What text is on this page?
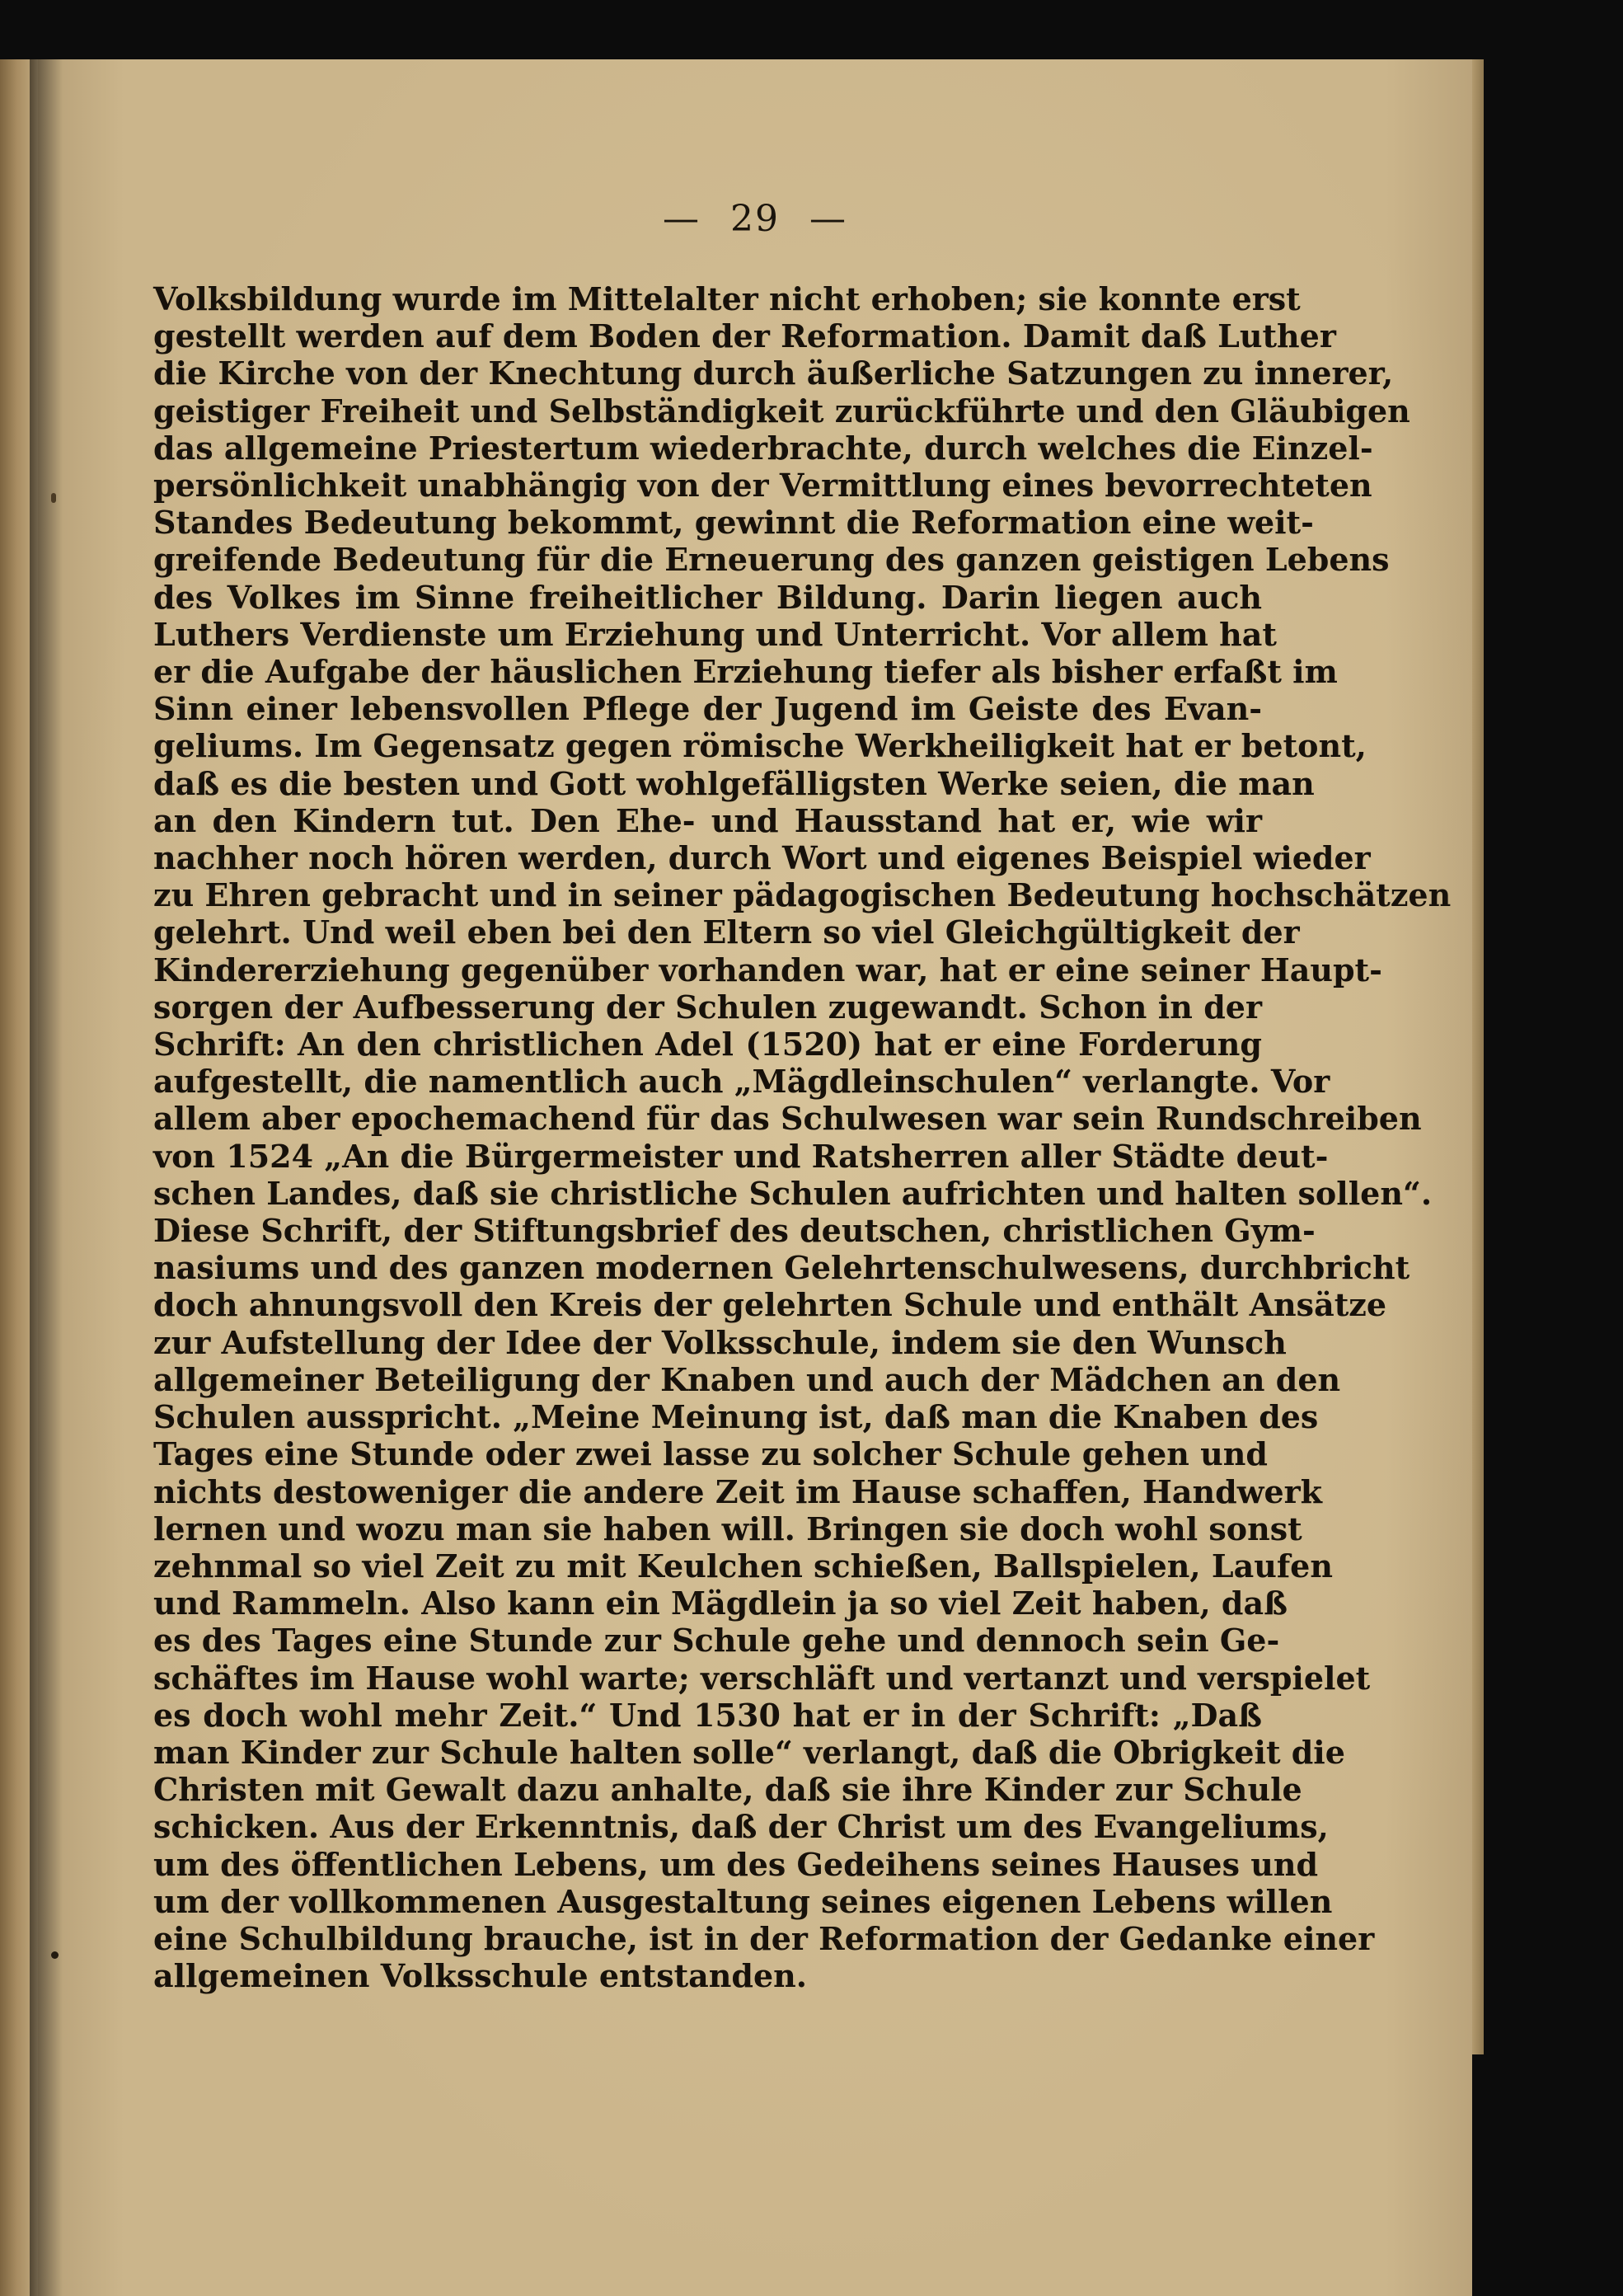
— 29 —
Volksbildung wurde im Mittelalter nicht erhoben; sie konnte erst
gestellt werden auf dem Boden der Reformation. Damit daß Luther
die Kirche von der Knechtung durch äußerliche Satzungen zu innerer,
geistiger Freiheit und Selbständigkeit zurückführte und den Gläubigen
das allgemeine Priestertum wiederbrachte, durch welches die Einzel-
persönlichkeit unabhängig von der Vermittlung eines bevorrechteten
Standes Bedeutung bekommt, gewinnt die Reformation eine weit-
greifende Bedeutung für die Erneuerung des ganzen geistigen Lebens
des Volkes im Sinne freiheitlicher Bildung. Darin liegen auch
Luthers Verdienste um Erziehung und Unterricht. Vor allem hat
er die Aufgabe der häuslichen Erziehung tiefer als bisher erfaßt im
Sinn einer lebensvollen Pflege der Jugend im Geiste des Evan-
geliums. Im Gegensatz gegen römische Werkheiligkeit hat er betont,
daß es die besten und Gott wohlgefälligsten Werke seien, die man
an den Kindern tut. Den Ehe- und Hausstand hat er, wie wir
nachher noch hören werden, durch Wort und eigenes Beispiel wieder
zu Ehren gebracht und in seiner pädagogischen Bedeutung hochschätzen
gelehrt. Und weil eben bei den Eltern so viel Gleichgültigkeit der
Kindererziehung gegenüber vorhanden war, hat er eine seiner Haupt-
sorgen der Aufbesserung der Schulen zugewandt. Schon in der
Schrift: An den christlichen Adel (1520) hat er eine Forderung
aufgestellt, die namentlich auch „Mägdleinschulen“ verlangte. Vor
allem aber epochemachend für das Schulwesen war sein Rundschreiben
von 1524 „An die Bürgermeister und Ratsherren aller Städte deut-
schen Landes, daß sie christliche Schulen aufrichten und halten sollen“.
Diese Schrift, der Stiftungsbrief des deutschen, christlichen Gym-
nasiums und des ganzen modernen Gelehrtenschulwesens, durchbricht
doch ahnungsvoll den Kreis der gelehrten Schule und enthält Ansätze
zur Aufstellung der Idee der Volksschule, indem sie den Wunsch
allgemeiner Beteiligung der Knaben und auch der Mädchen an den
Schulen ausspricht. „Meine Meinung ist, daß man die Knaben des
Tages eine Stunde oder zwei lasse zu solcher Schule gehen und
nichts destoweniger die andere Zeit im Hause schaffen, Handwerk
lernen und wozu man sie haben will. Bringen sie doch wohl sonst
zehnmal so viel Zeit zu mit Keulchen schießen, Ballspielen, Laufen
und Rammeln. Also kann ein Mägdlein ja so viel Zeit haben, daß
es des Tages eine Stunde zur Schule gehe und dennoch sein Ge-
schäftes im Hause wohl warte; verschläft und vertanzt und verspielet
es doch wohl mehr Zeit.“ Und 1530 hat er in der Schrift: „Daß
man Kinder zur Schule halten solle“ verlangt, daß die Obrigkeit die
Christen mit Gewalt dazu anhalte, daß sie ihre Kinder zur Schule
schicken. Aus der Erkenntnis, daß der Christ um des Evangeliums,
um des öffentlichen Lebens, um des Gedeihens seines Hauses und
um der vollkommenen Ausgestaltung seines eigenen Lebens willen
eine Schulbildung brauche, ist in der Reformation der Gedanke einer
allgemeinen Volksschule entstanden.
